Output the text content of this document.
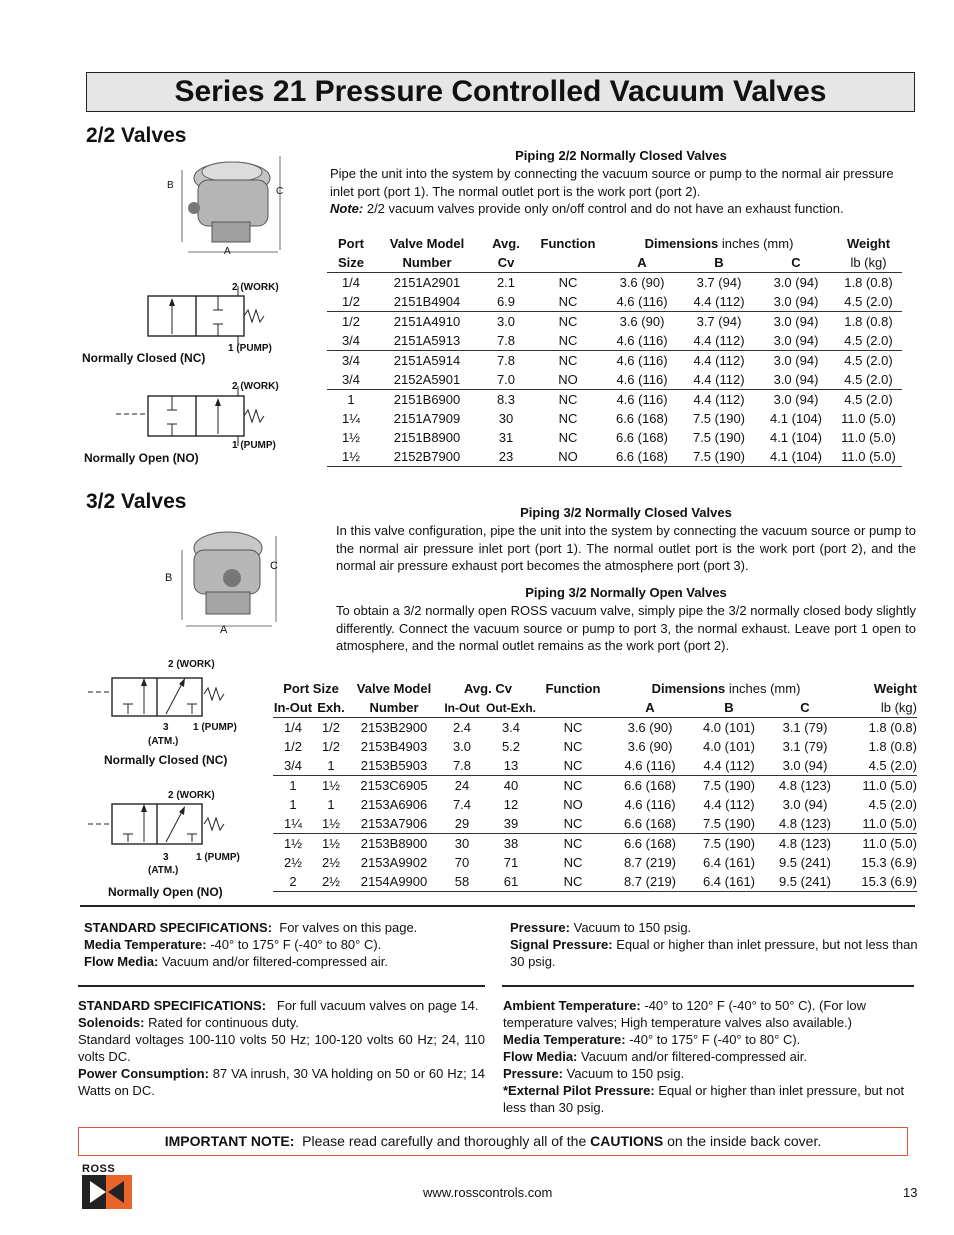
Series 21 Pressure Controlled Vacuum Valves
2/2 Valves
B
C
A
2 (WORK)
1 (PUMP)
Normally Closed (NC)
2 (WORK)
1 (PUMP)
Normally Open (NO)
Piping 2/2 Normally Closed Valves
Pipe the unit into the system by connecting the vacuum source or pump to the normal air pressure inlet port (port 1). The normal outlet port is the work port (port 2).
Note: 2/2 vacuum valves provide only on/off control and do not have an exhaust function.
Port	Valve Model	Avg.	Function	Dimensions inches (mm)			Weight
Size	Number	Cv		A	B	C	lb (kg)
1/4	2151A2901	2.1	NC	3.6 (90)	3.7 (94)	3.0 (94)	1.8 (0.8)
1/2	2151B4904	6.9	NC	4.6 (116)	4.4 (112)	3.0 (94)	4.5 (2.0)
1/2	2151A4910	3.0	NC	3.6 (90)	3.7 (94)	3.0 (94)	1.8 (0.8)
3/4	2151A5913	7.8	NC	4.6 (116)	4.4 (112)	3.0 (94)	4.5 (2.0)
3/4	2151A5914	7.8	NC	4.6 (116)	4.4 (112)	3.0 (94)	4.5 (2.0)
3/4	2152A5901	7.0	NO	4.6 (116)	4.4 (112)	3.0 (94)	4.5 (2.0)
1	2151B6900	8.3	NC	4.6 (116)	4.4 (112)	3.0 (94)	4.5 (2.0)
1¼	2151A7909	30	NC	6.6 (168)	7.5 (190)	4.1 (104)	11.0 (5.0)
1½	2151B8900	31	NC	6.6 (168)	7.5 (190)	4.1 (104)	11.0 (5.0)
1½	2152B7900	23	NO	6.6 (168)	7.5 (190)	4.1 (104)	11.0 (5.0)
3/2 Valves
B
C
A
2 (WORK)
3 1 (PUMP)
(ATM.)
Normally Closed (NC)
2 (WORK)
3	1 (PUMP)
(ATM.)
Normally Open (NO)
Piping 3/2 Normally Closed Valves
In this valve configuration, pipe the unit into the system by connecting the vacuum source or pump to the normal air pressure inlet port (port 1). The normal outlet port is the work port (port 2), and the normal air pressure exhaust port becomes the atmosphere port (port 3).
Piping 3/2 Normally Open Valves
To obtain a 3/2 normally open ROSS vacuum valve, simply pipe the 3/2 normally closed body slightly differently. Connect the vacuum source or pump to port 3, the normal exhaust. Leave port 1 open to atmosphere, and the normal outlet remains as the work port (port 2).
Port Size		Valve Model	Avg. Cv		Function	Dimensions inches (mm)			Weight
In-Out	Exh.	Number	In-Out	Out-Exh.		A	B	C	lb (kg)
1/4	1/2	2153B2900	2.4	3.4	NC	3.6 (90)	4.0 (101)	3.1 (79)	1.8 (0.8)
1/2	1/2	2153B4903	3.0	5.2	NC	3.6 (90)	4.0 (101)	3.1 (79)	1.8 (0.8)
3/4	1	2153B5903	7.8	13	NC	4.6 (116)	4.4 (112)	3.0 (94)	4.5 (2.0)
1	1½	2153C6905	24	40	NC	6.6 (168)	7.5 (190)	4.8 (123)	11.0 (5.0)
1	1	2153A6906	7.4	12	NO	4.6 (116)	4.4 (112)	3.0 (94)	4.5 (2.0)
1¼	1½	2153A7906	29	39	NC	6.6 (168)	7.5 (190)	4.8 (123)	11.0 (5.0)
1½	1½	2153B8900	30	38	NC	6.6 (168)	7.5 (190)	4.8 (123)	11.0 (5.0)
2½	2½	2153A9902	70	71	NC	8.7 (219)	6.4 (161)	9.5 (241)	15.3 (6.9)
2	2½	2154A9900	58	61	NC	8.7 (219)	6.4 (161)	9.5 (241)	15.3 (6.9)
STANDARD SPECIFICATIONS: For valves on this page.
Media Temperature: -40° to 175° F (-40° to 80° C).
Flow Media: Vacuum and/or filtered-compressed air.
Pressure: Vacuum to 150 psig.
Signal Pressure: Equal or higher than inlet pressure, but not less than 30 psig.
STANDARD SPECIFICATIONS: For full vacuum valves on page 14.
Solenoids: Rated for continuous duty.
Standard voltages 100-110 volts 50 Hz; 100-120 volts 60 Hz; 24, 110 volts DC.
Power Consumption: 87 VA inrush, 30 VA holding on 50 or 60 Hz; 14 Watts on DC.
Ambient Temperature: -40° to 120° F (-40° to 50° C). (For low temperature valves; High temperature valves also available.)
Media Temperature: -40° to 175° F (-40° to 80° C).
Flow Media: Vacuum and/or filtered-compressed air.
Pressure: Vacuum to 150 psig.
*External Pilot Pressure: Equal or higher than inlet pressure, but not less than 30 psig.
IMPORTANT NOTE: Please read carefully and thoroughly all of the CAUTIONS on the inside back cover.
ROSS
www.rosscontrols.com	13
